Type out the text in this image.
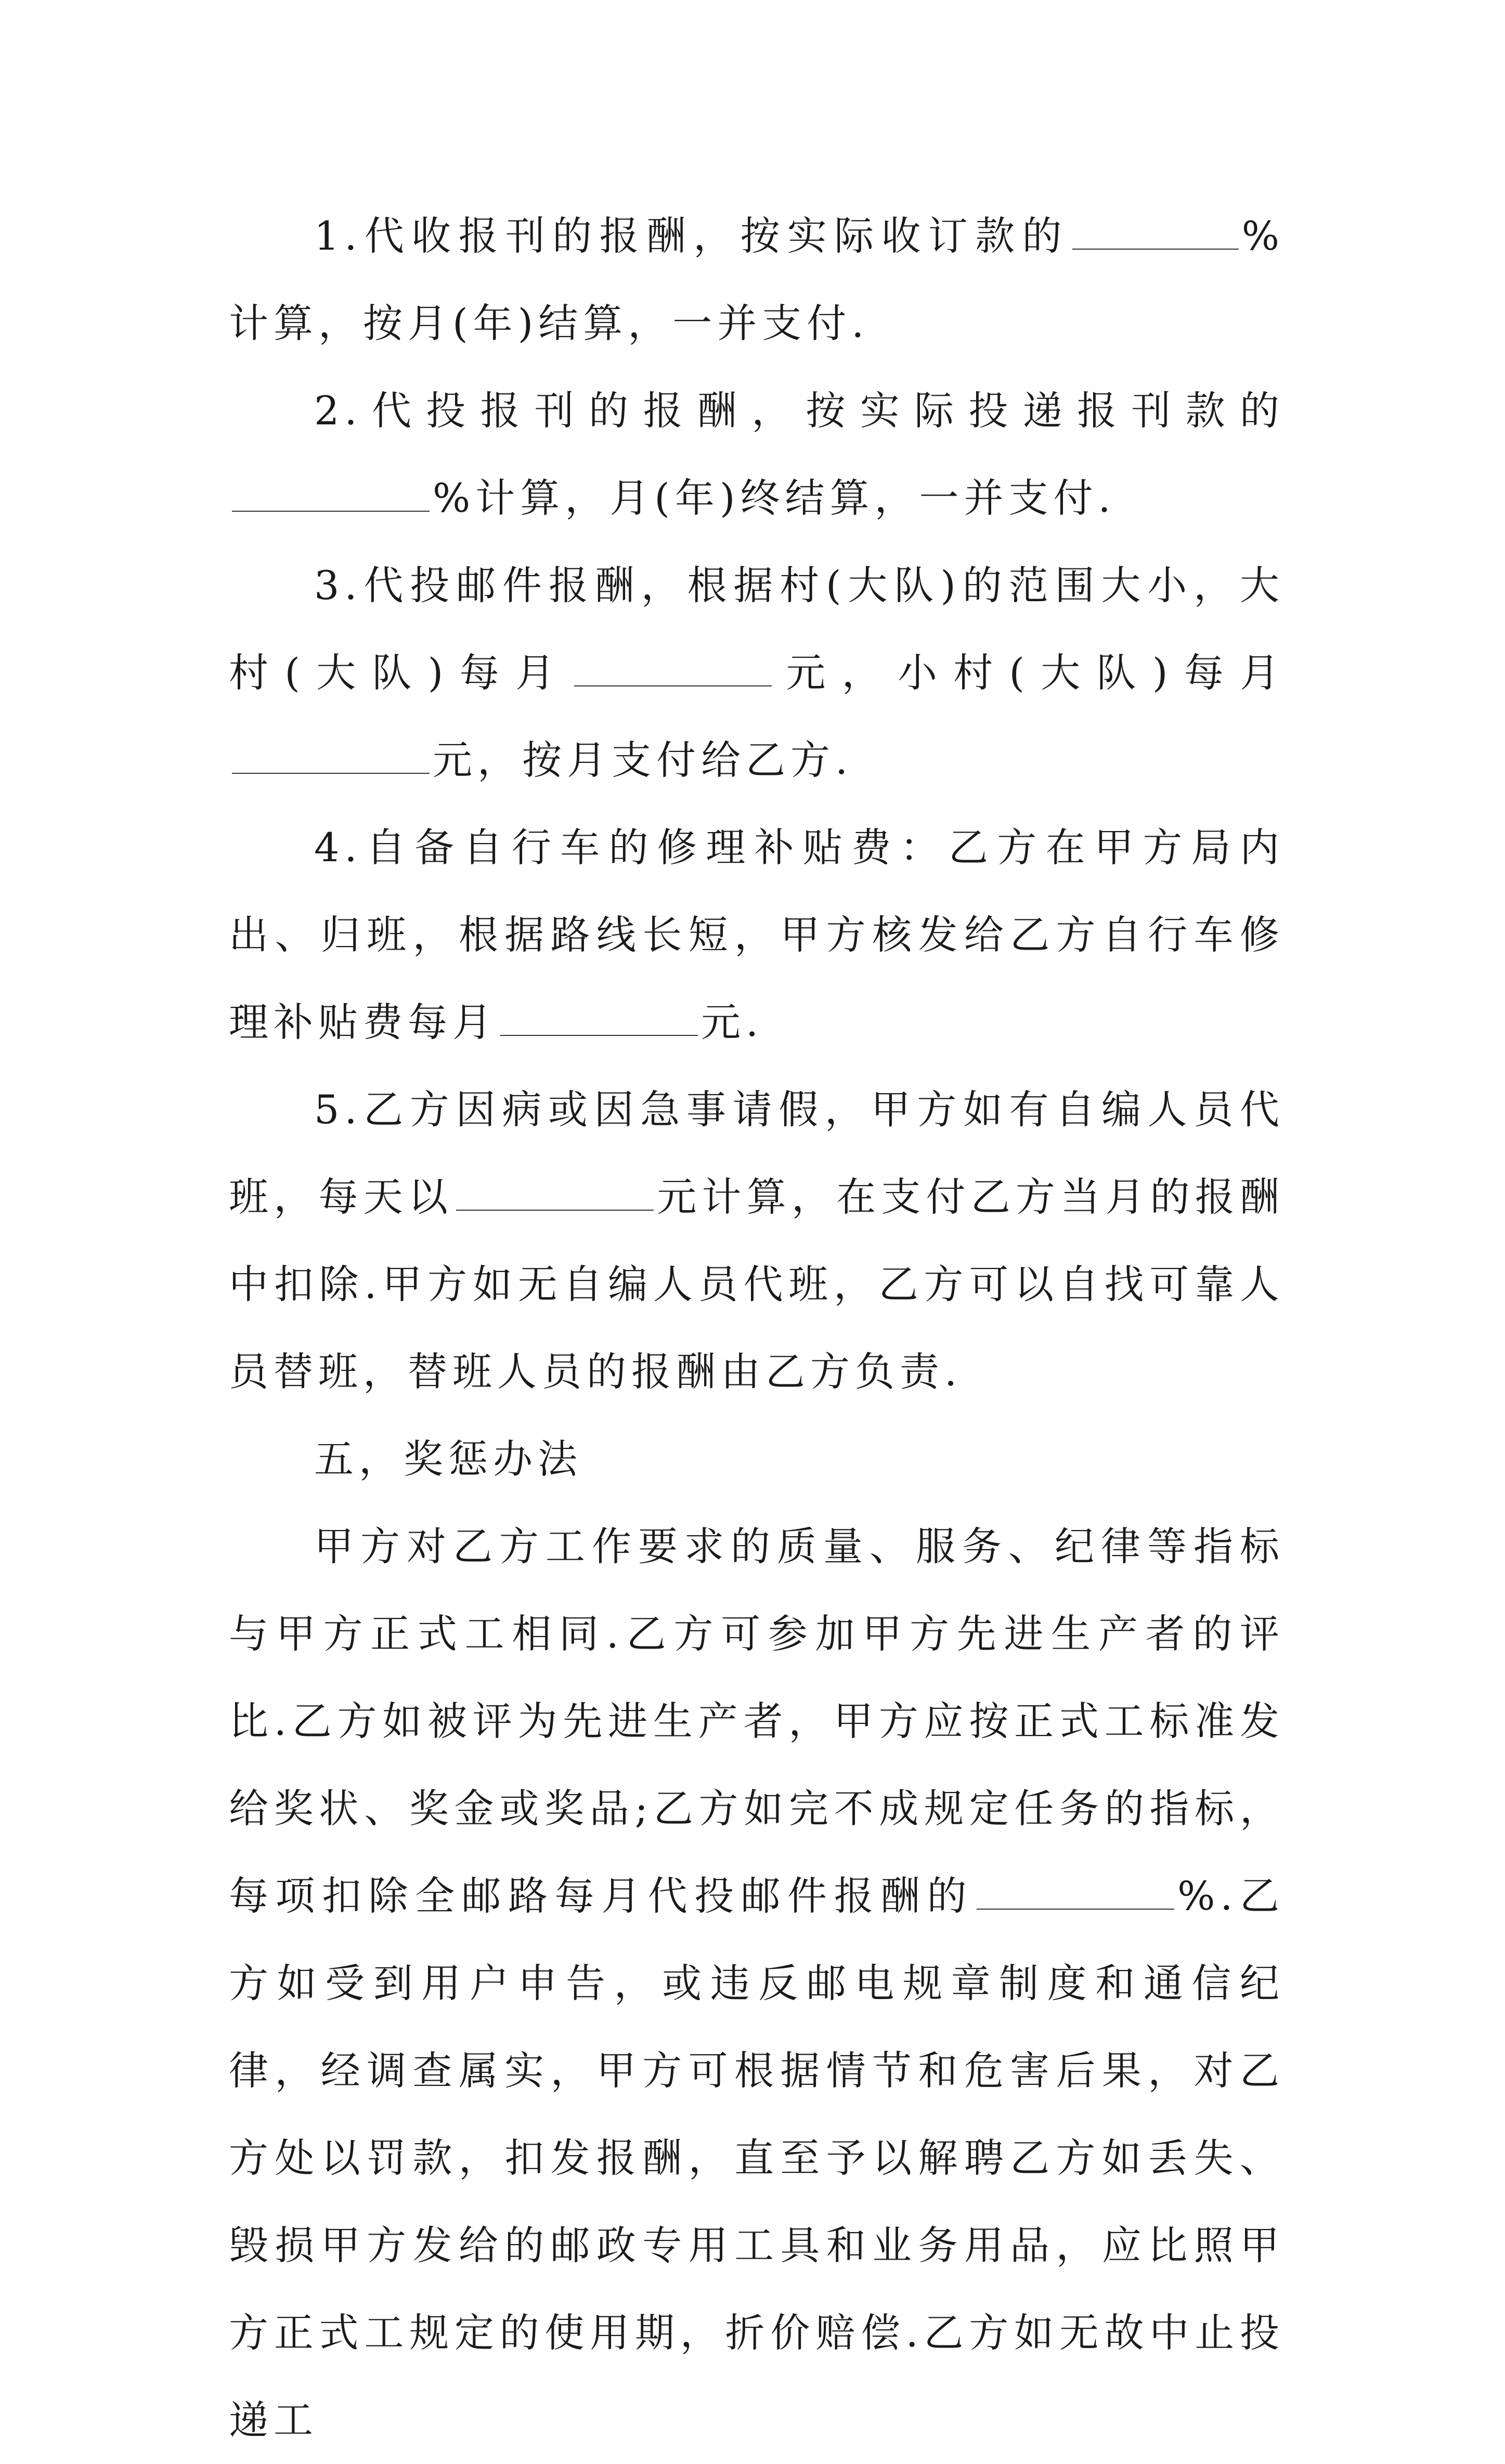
1.代收报刊的报酬，按实际收订款的	%计算，按月(年)结算，一并支付.

2.代投报刊的报酬，按实际投递报刊款的%计算，月(年)终结算，一并支付.

3.代投邮件报酬，根据村(大队)的范围大小，大村(大队)每月	元，小村(大队)每月元，按月支付给乙方.

4.自备自行车的修理补贴费：乙方在甲方局内出、归班，根据路线长短，甲方核发给乙方自行车修理补贴费每月	元.

5.乙方因病或因急事请假，甲方如有自编人员代班，每天以	元计算，在支付乙方当月的报酬中扣除.甲方如无自编人员代班，乙方可以自找可靠人员替班，替班人员的报酬由乙方负责.

五，奖惩办法

甲方对乙方工作要求的质量、服务、纪律等指标与甲方正式工相同.乙方可参加甲方先进生产者的评比.乙方如被评为先进生产者，甲方应按正式工标准发给奖状、奖金或奖品;乙方如完不成规定任务的指标，每项扣除全邮路每月代投邮件报酬的	%.乙方如受到用户申告，或违反邮电规章制度和通信纪律，经调查属实，甲方可根据情节和危害后果，对乙方处以罚款，扣发报酬，直至予以解聘乙方如丢失、毁损甲方发给的邮政专用工具和业务用品，应比照甲方正式工规定的使用期，折价赔偿.乙方如无故中止投递工
